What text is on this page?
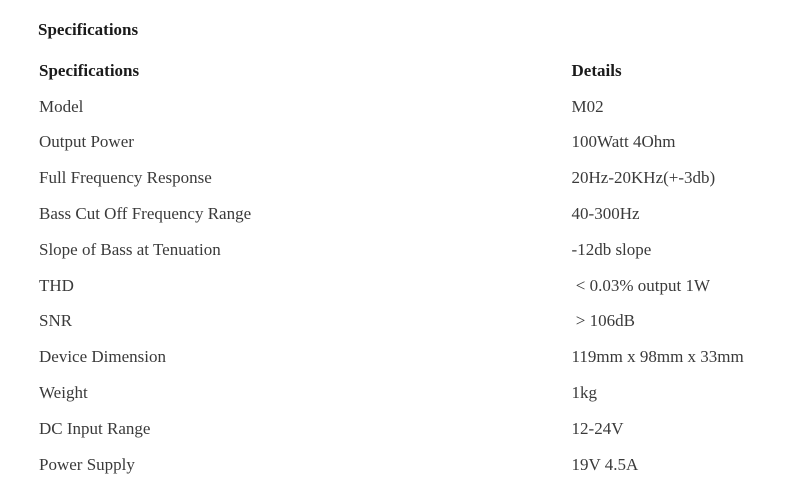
Specifications
Specifications	Details
Model	M02
Output Power	100Watt 4Ohm
Full Frequency Response	20Hz-20KHz(+-3db)
Bass Cut Off Frequency Range	40-300Hz
Slope of Bass at Tenuation	-12db slope
THD	< 0.03% output 1W
SNR	> 106dB
Device Dimension	119mm x 98mm x 33mm
Weight	1kg
DC Input Range	12-24V
Power Supply	19V 4.5A
